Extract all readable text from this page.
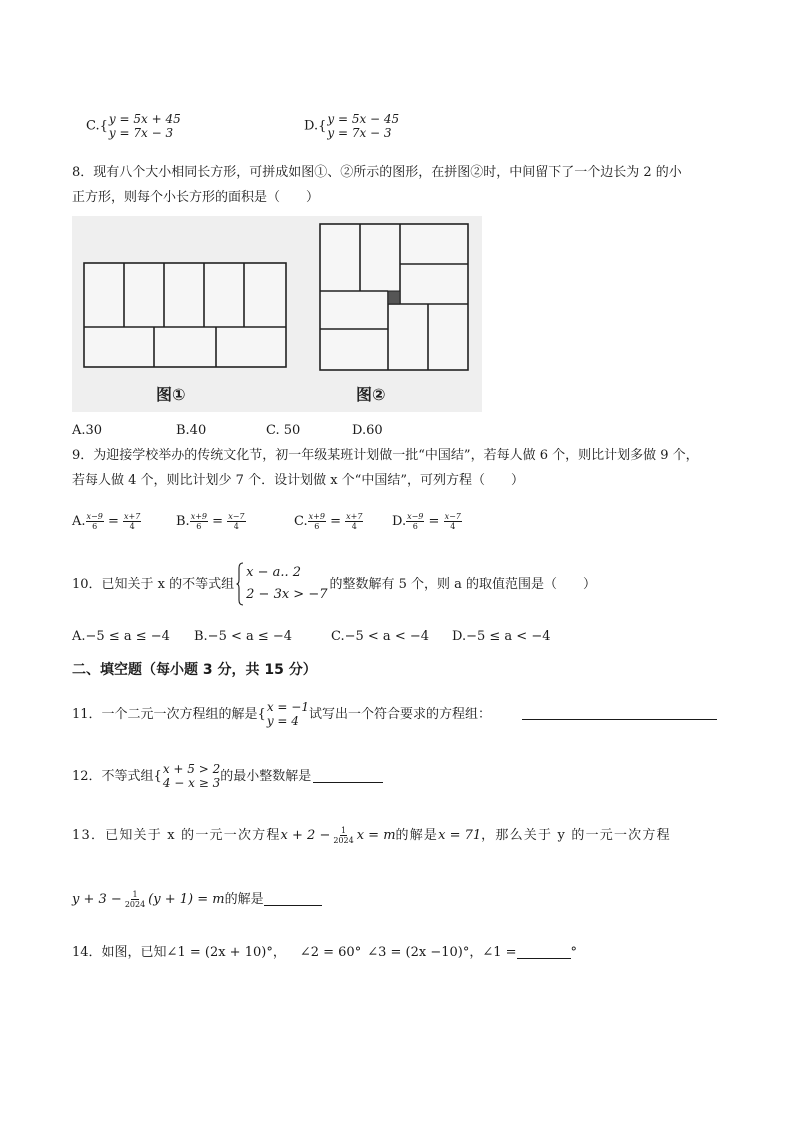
C. { y = 5x + 45
y = 7x − 3	D. { y = 5x − 45
y = 7x − 3
8．现有八个大小相同长方形，可拼成如图①、②所示的图形，在拼图②时，中间留下了一个边长为 2 的小
正方形，则每个小长方形的面积是（　　）
图①	图②
A.30	B.40	C. 50	D.60
9．为迎接学校举办的传统文化节，初一年级某班计划做一批“中国结”，若每人做 6 个，则比计划多做 9 个，
若每人做 4 个，则比计划少 7 个．设计划做 x 个“中国结”，可列方程（　　）
A. $\frac{x-9}{6} = \frac{x+7}{4}$	B. $\frac{x+9}{6} = \frac{x-7}{4}$	C. $\frac{x+9}{6} = \frac{x+7}{4} D$. $\frac{x-9}{6} = \frac{x-7}{4}$
10．已知关于 x 的不等式组
x − a.. 2
2 − 3x > −7
的整数解有 5 个，则 a 的取值范围是（　　）
A.−5 ≤ a ≤ −4 B.−5 < a ≤ −4	C.−5 < a < −4 D.−5 ≤ a < −4
二、填空题（每小题 3 分，共 15 分）
11．一个二元一次方程组的解是 { x = −1
y = 4 试写出一个符合要求的方程组：
12．不等式组 { x + 5 > 2
4 − x ≥ 3 的最小整数解是
13．已知关于 x 的一元一次方程 $x + 2 - \frac{1}{2024}$ x = m 的解是 x = 71 ，那么关于 y 的一元一次方程
$y + 3 - \frac{1}{2024} (y + 1) = m$ 的解是
14．如图，已知 ∠1 = (2x + 10)°， ∠2 = 60° ∠3 = (2x −10)°， ∠1 =	°
